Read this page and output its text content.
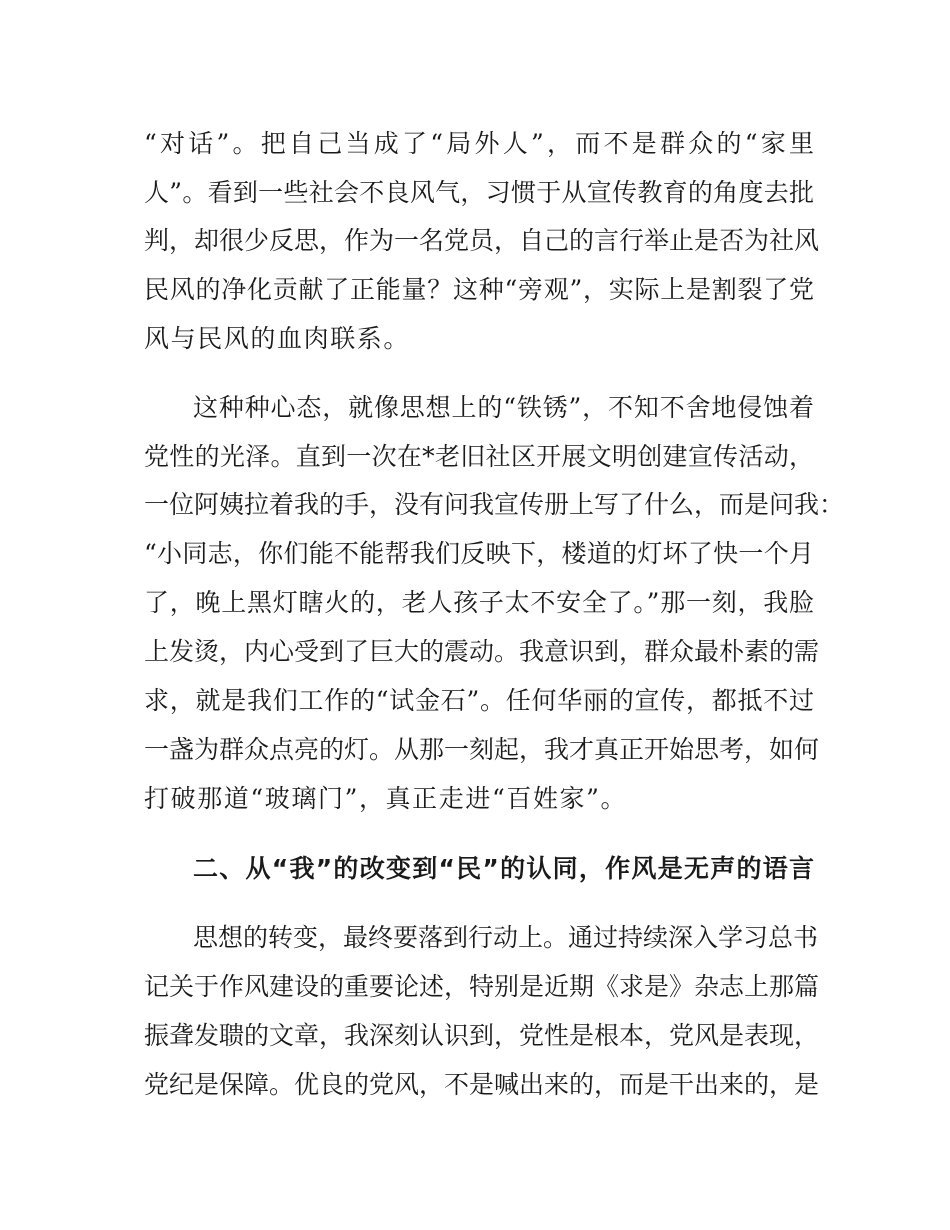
“对话”。把自己当成了“局外人”，而不是群众的“家里
人”。看到一些社会不良风气，习惯于从宣传教育的角度去批
判，却很少反思，作为一名党员，自己的言行举止是否为社风
民风的净化贡献了正能量？这种“旁观”，实际上是割裂了党
风与民风的血肉联系。
这种种心态，就像思想上的“铁锈”，不知不舍地侵蚀着
党性的光泽。直到一次在*老旧社区开展文明创建宣传活动，
一位阿姨拉着我的手，没有问我宣传册上写了什么，而是问我：
“小同志，你们能不能帮我们反映下，楼道的灯坏了快一个月
了，晚上黑灯瞎火的，老人孩子太不安全了。”那一刻，我脸
上发烫，内心受到了巨大的震动。我意识到，群众最朴素的需
求，就是我们工作的“试金石”。任何华丽的宣传，都抵不过
一盏为群众点亮的灯。从那一刻起，我才真正开始思考，如何
打破那道“玻璃门”，真正走进“百姓家”。
二、从“我”的改变到“民”的认同，作风是无声的语言
思想的转变，最终要落到行动上。通过持续深入学习总书
记关于作风建设的重要论述，特别是近期《求是》杂志上那篇
振聋发聩的文章，我深刻认识到，党性是根本，党风是表现，
党纪是保障。优良的党风，不是喊出来的，而是干出来的，是
